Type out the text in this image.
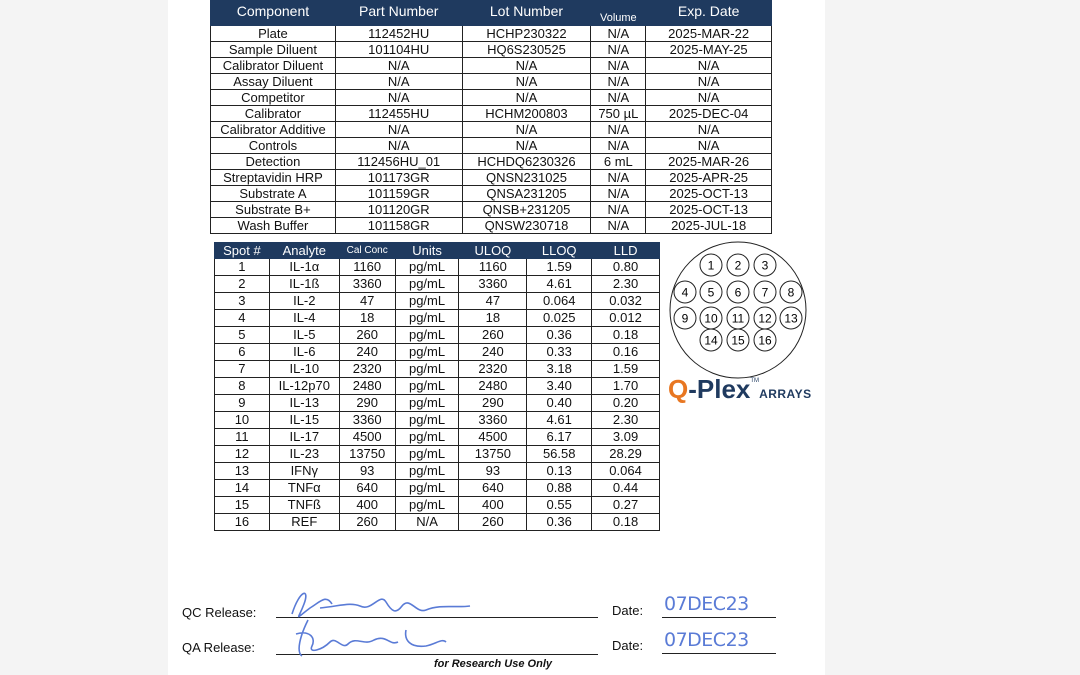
Component	Part Number	Lot Number	Volume	Exp. Date
Plate	112452HU	HCHP230322	N/A	2025-MAR-22
Sample Diluent	101104HU	HQ6S230525	N/A	2025-MAY-25
Calibrator Diluent	N/A	N/A	N/A	N/A
Assay Diluent	N/A	N/A	N/A	N/A
Competitor	N/A	N/A	N/A	N/A
Calibrator	112455HU	HCHM200803	750 µL	2025-DEC-04
Calibrator Additive	N/A	N/A	N/A	N/A
Controls	N/A	N/A	N/A	N/A
Detection	112456HU_01	HCHDQ6230326	6 mL	2025-MAR-26
Streptavidin HRP	101173GR	QNSN231025	N/A	2025-APR-25
Substrate A	101159GR	QNSA231205	N/A	2025-OCT-13
Substrate B+	101120GR	QNSB+231205	N/A	2025-OCT-13
Wash Buffer	101158GR	QNSW230718	N/A	2025-JUL-18
Spot #	Analyte	Cal Conc	Units	ULOQ	LLOQ	LLD
1	IL-1α	1160	pg/mL	1160	1.59	0.80
2	IL-1ß	3360	pg/mL	3360	4.61	2.30
3	IL-2	47	pg/mL	47	0.064	0.032
4	IL-4	18	pg/mL	18	0.025	0.012
5	IL-5	260	pg/mL	260	0.36	0.18
6	IL-6	240	pg/mL	240	0.33	0.16
7	IL-10	2320	pg/mL	2320	3.18	1.59
8	IL-12p70	2480	pg/mL	2480	3.40	1.70
9	IL-13	290	pg/mL	290	0.40	0.20
10	IL-15	3360	pg/mL	3360	4.61	2.30
11	IL-17	4500	pg/mL	4500	6.17	3.09
12	IL-23	13750	pg/mL	13750	56.58	28.29
13	IFNγ	93	pg/mL	93	0.13	0.064
14	TNFα	640	pg/mL	640	0.88	0.44
15	TNFß	400	pg/mL	400	0.55	0.27
16	REF	260	N/A	260	0.36	0.18
1 2 3
4 5 6 7 8
9 10 11 12 13
14 15 16
Q-Plex™ARRAYS
QC Release:	Date: 07DEC23
QA Release:	Date: 07DEC23
for Research Use Only
